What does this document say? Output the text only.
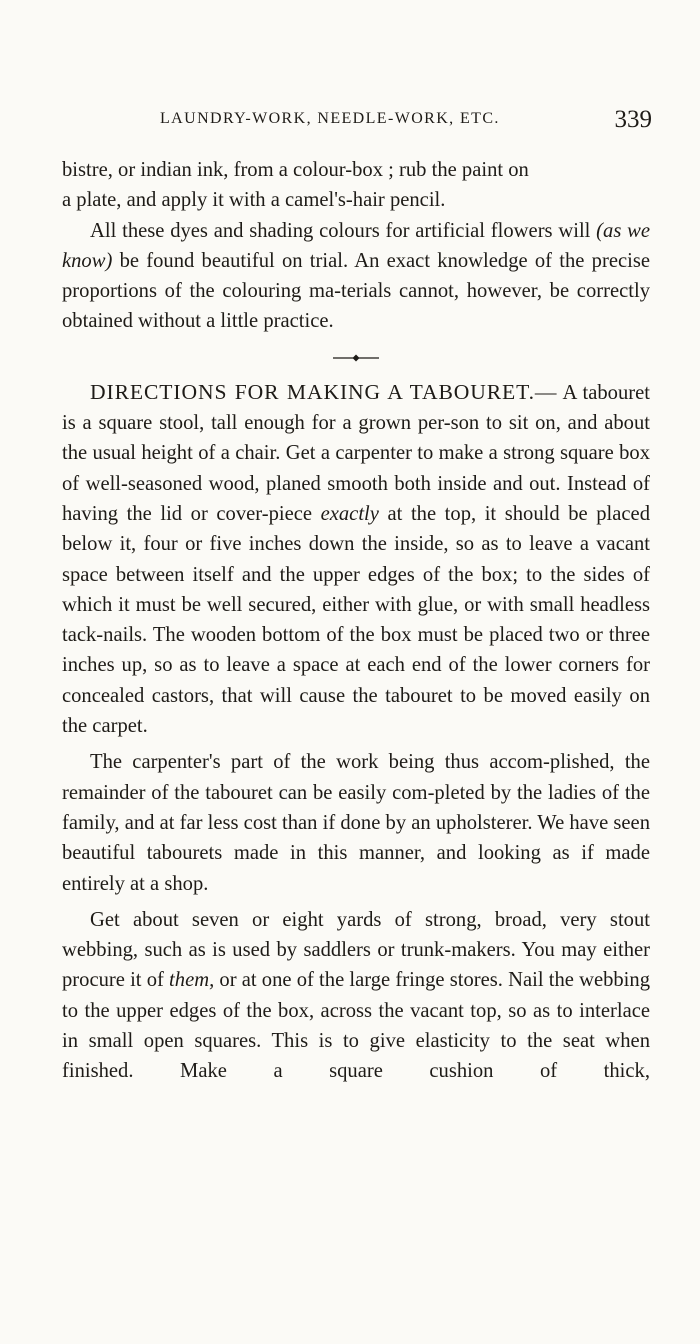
LAUNDRY-WORK, NEEDLE-WORK, ETC.	339

bistre, or indian ink, from a colour-box ; rub the paint on
a plate, and apply it with a camel's-hair pencil.

All these dyes and shading colours for artificial flowers will (as we know) be found beautiful on trial. An exact knowledge of the precise proportions of the colouring ma-terials cannot, however, be correctly obtained without a little practice.

DIRECTIONS FOR MAKING A TABOURET.— A tabouret is a square stool, tall enough for a grown per-son to sit on, and about the usual height of a chair. Get a carpenter to make a strong square box of well-seasoned wood, planed smooth both inside and out. Instead of having the lid or cover-piece exactly at the top, it should be placed below it, four or five inches down the inside, so as to leave a vacant space between itself and the upper edges of the box; to the sides of which it must be well secured, either with glue, or with small headless tack-nails. The wooden bottom of the box must be placed two or three inches up, so as to leave a space at each end of the lower corners for concealed castors, that will cause the tabouret to be moved easily on the carpet.

The carpenter's part of the work being thus accom-plished, the remainder of the tabouret can be easily com-pleted by the ladies of the family, and at far less cost than if done by an upholsterer. We have seen beautiful tabourets made in this manner, and looking as if made entirely at a shop.

Get about seven or eight yards of strong, broad, very stout webbing, such as is used by saddlers or trunk-makers. You may either procure it of them, or at one of the large fringe stores. Nail the webbing to the upper edges of the box, across the vacant top, so as to interlace in small open squares. This is to give elasticity to the seat when finished. Make a square cushion of thick,
